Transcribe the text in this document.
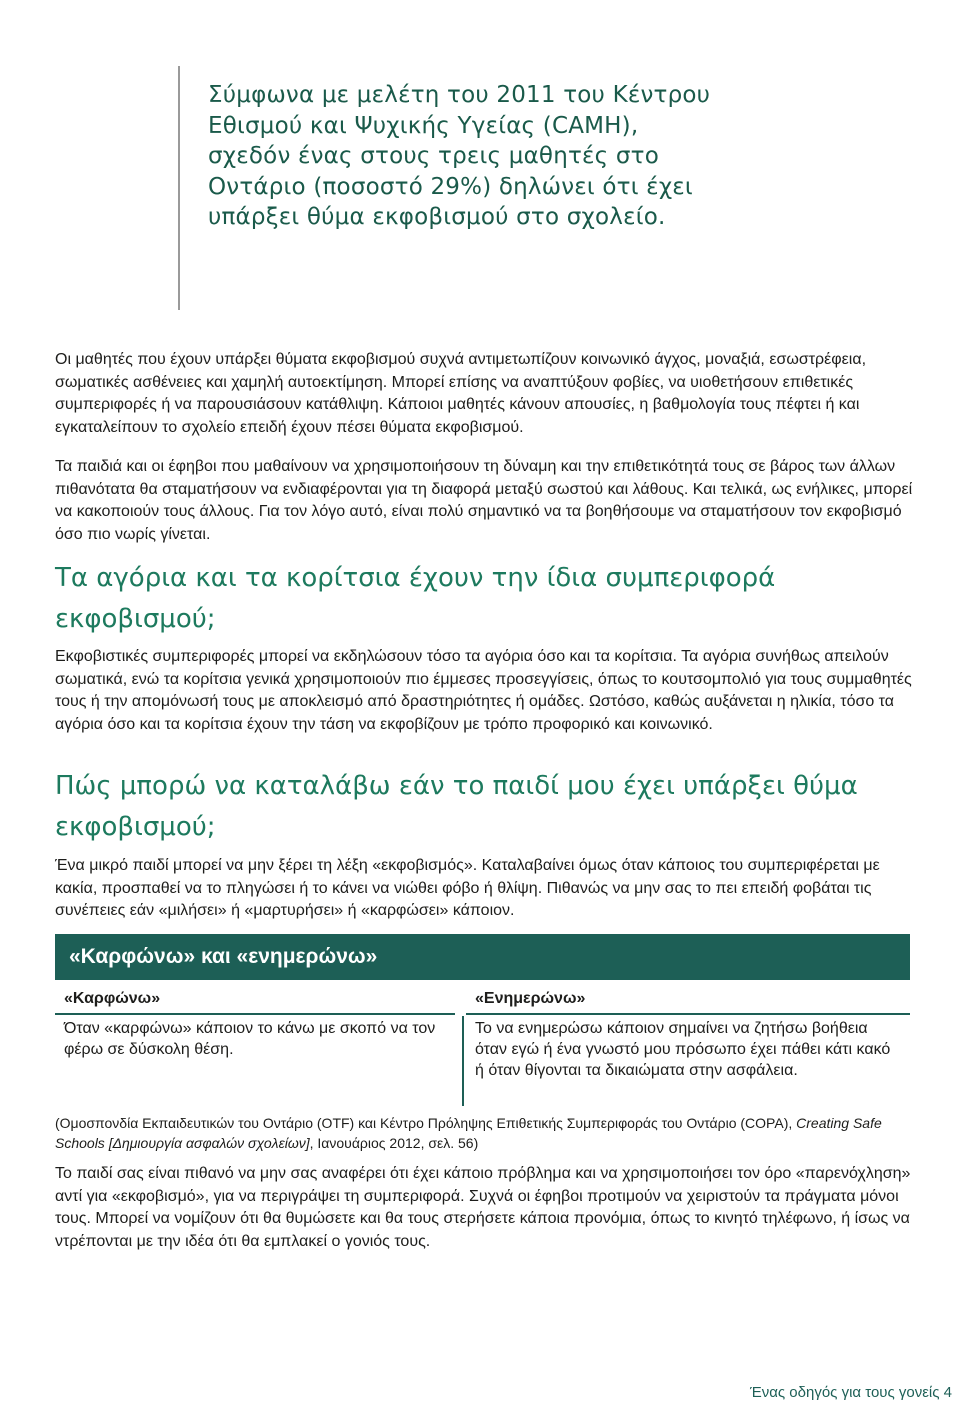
Σύμφωνα με μελέτη του 2011 του Κέντρου Εθισμού και Ψυχικής Υγείας (CAMH), σχεδόν ένας στους τρεις μαθητές στο Οντάριο (ποσοστό 29%) δηλώνει ότι έχει υπάρξει θύμα εκφοβισμού στο σχολείο.

Οι μαθητές που έχουν υπάρξει θύματα εκφοβισμού συχνά αντιμετωπίζουν κοινωνικό άγχος, μοναξιά, εσωστρέφεια, σωματικές ασθένειες και χαμηλή αυτοεκτίμηση. Μπορεί επίσης να αναπτύξουν φοβίες, να υιοθετήσουν επιθετικές συμπεριφορές ή να παρουσιάσουν κατάθλιψη. Κάποιοι μαθητές κάνουν απουσίες, η βαθμολογία τους πέφτει ή και εγκαταλείπουν το σχολείο επειδή έχουν πέσει θύματα εκφοβισμού.

Τα παιδιά και οι έφηβοι που μαθαίνουν να χρησιμοποιήσουν τη δύναμη και την επιθετικότητά τους σε βάρος των άλλων πιθανότατα θα σταματήσουν να ενδιαφέρονται για τη διαφορά μεταξύ σωστού και λάθους. Και τελικά, ως ενήλικες, μπορεί να κακοποιούν τους άλλους. Για τον λόγο αυτό, είναι πολύ σημαντικό να τα βοηθήσουμε να σταματήσουν τον εκφοβισμό όσο πιο νωρίς γίνεται.

Τα αγόρια και τα κορίτσια έχουν την ίδια συμπεριφορά εκφοβισμού;

Εκφοβιστικές συμπεριφορές μπορεί να εκδηλώσουν τόσο τα αγόρια όσο και τα κορίτσια. Τα αγόρια συνήθως απειλούν σωματικά, ενώ τα κορίτσια γενικά χρησιμοποιούν πιο έμμεσες προσεγγίσεις, όπως το κουτσομπολιό για τους συμμαθητές τους ή την απομόνωσή τους με αποκλεισμό από δραστηριότητες ή ομάδες. Ωστόσο, καθώς αυξάνεται η ηλικία, τόσο τα αγόρια όσο και τα κορίτσια έχουν την τάση να εκφοβίζουν με τρόπο προφορικό και κοινωνικό.

Πώς μπορώ να καταλάβω εάν το παιδί μου έχει υπάρξει θύμα εκφοβισμού;

Ένα μικρό παιδί μπορεί να μην ξέρει τη λέξη «εκφοβισμός». Καταλαβαίνει όμως όταν κάποιος του συμπεριφέρεται με κακία, προσπαθεί να το πληγώσει ή το κάνει να νιώθει φόβο ή θλίψη. Πιθανώς να μην σας το πει επειδή φοβάται τις συνέπειες εάν «μιλήσει» ή «μαρτυρήσει» ή «καρφώσει» κάποιον.

«Καρφώνω» και «ενημερώνω»
«Καρφώνω»	«Ενημερώνω»

Όταν «καρφώνω» κάποιον το κάνω με σκοπό να τον φέρω σε δύσκολη θέση.

Το να ενημερώσω κάποιον σημαίνει να ζητήσω βοήθεια όταν εγώ ή ένα γνωστό μου πρόσωπο έχει πάθει κάτι κακό ή όταν θίγονται τα δικαιώματα στην ασφάλεια.

(Ομοσπονδία Εκπαιδευτικών του Οντάριο (OTF) και Κέντρο Πρόληψης Επιθετικής Συμπεριφοράς του Οντάριο (COPA), Creating Safe Schools [Δημιουργία ασφαλών σχολείων], Ιανουάριος 2012, σελ. 56)

Το παιδί σας είναι πιθανό να μην σας αναφέρει ότι έχει κάποιο πρόβλημα και να χρησιμοποιήσει τον όρο «παρενόχληση» αντί για «εκφοβισμό», για να περιγράψει τη συμπεριφορά. Συχνά οι έφηβοι προτιμούν να χειριστούν τα πράγματα μόνοι τους. Μπορεί να νομίζουν ότι θα θυμώσετε και θα τους στερήσετε κάποια προνόμια, όπως το κινητό τηλέφωνο, ή ίσως να ντρέπονται με την ιδέα ότι θα εμπλακεί ο γονιός τους.

Ένας οδηγός για τους γονείς 4
